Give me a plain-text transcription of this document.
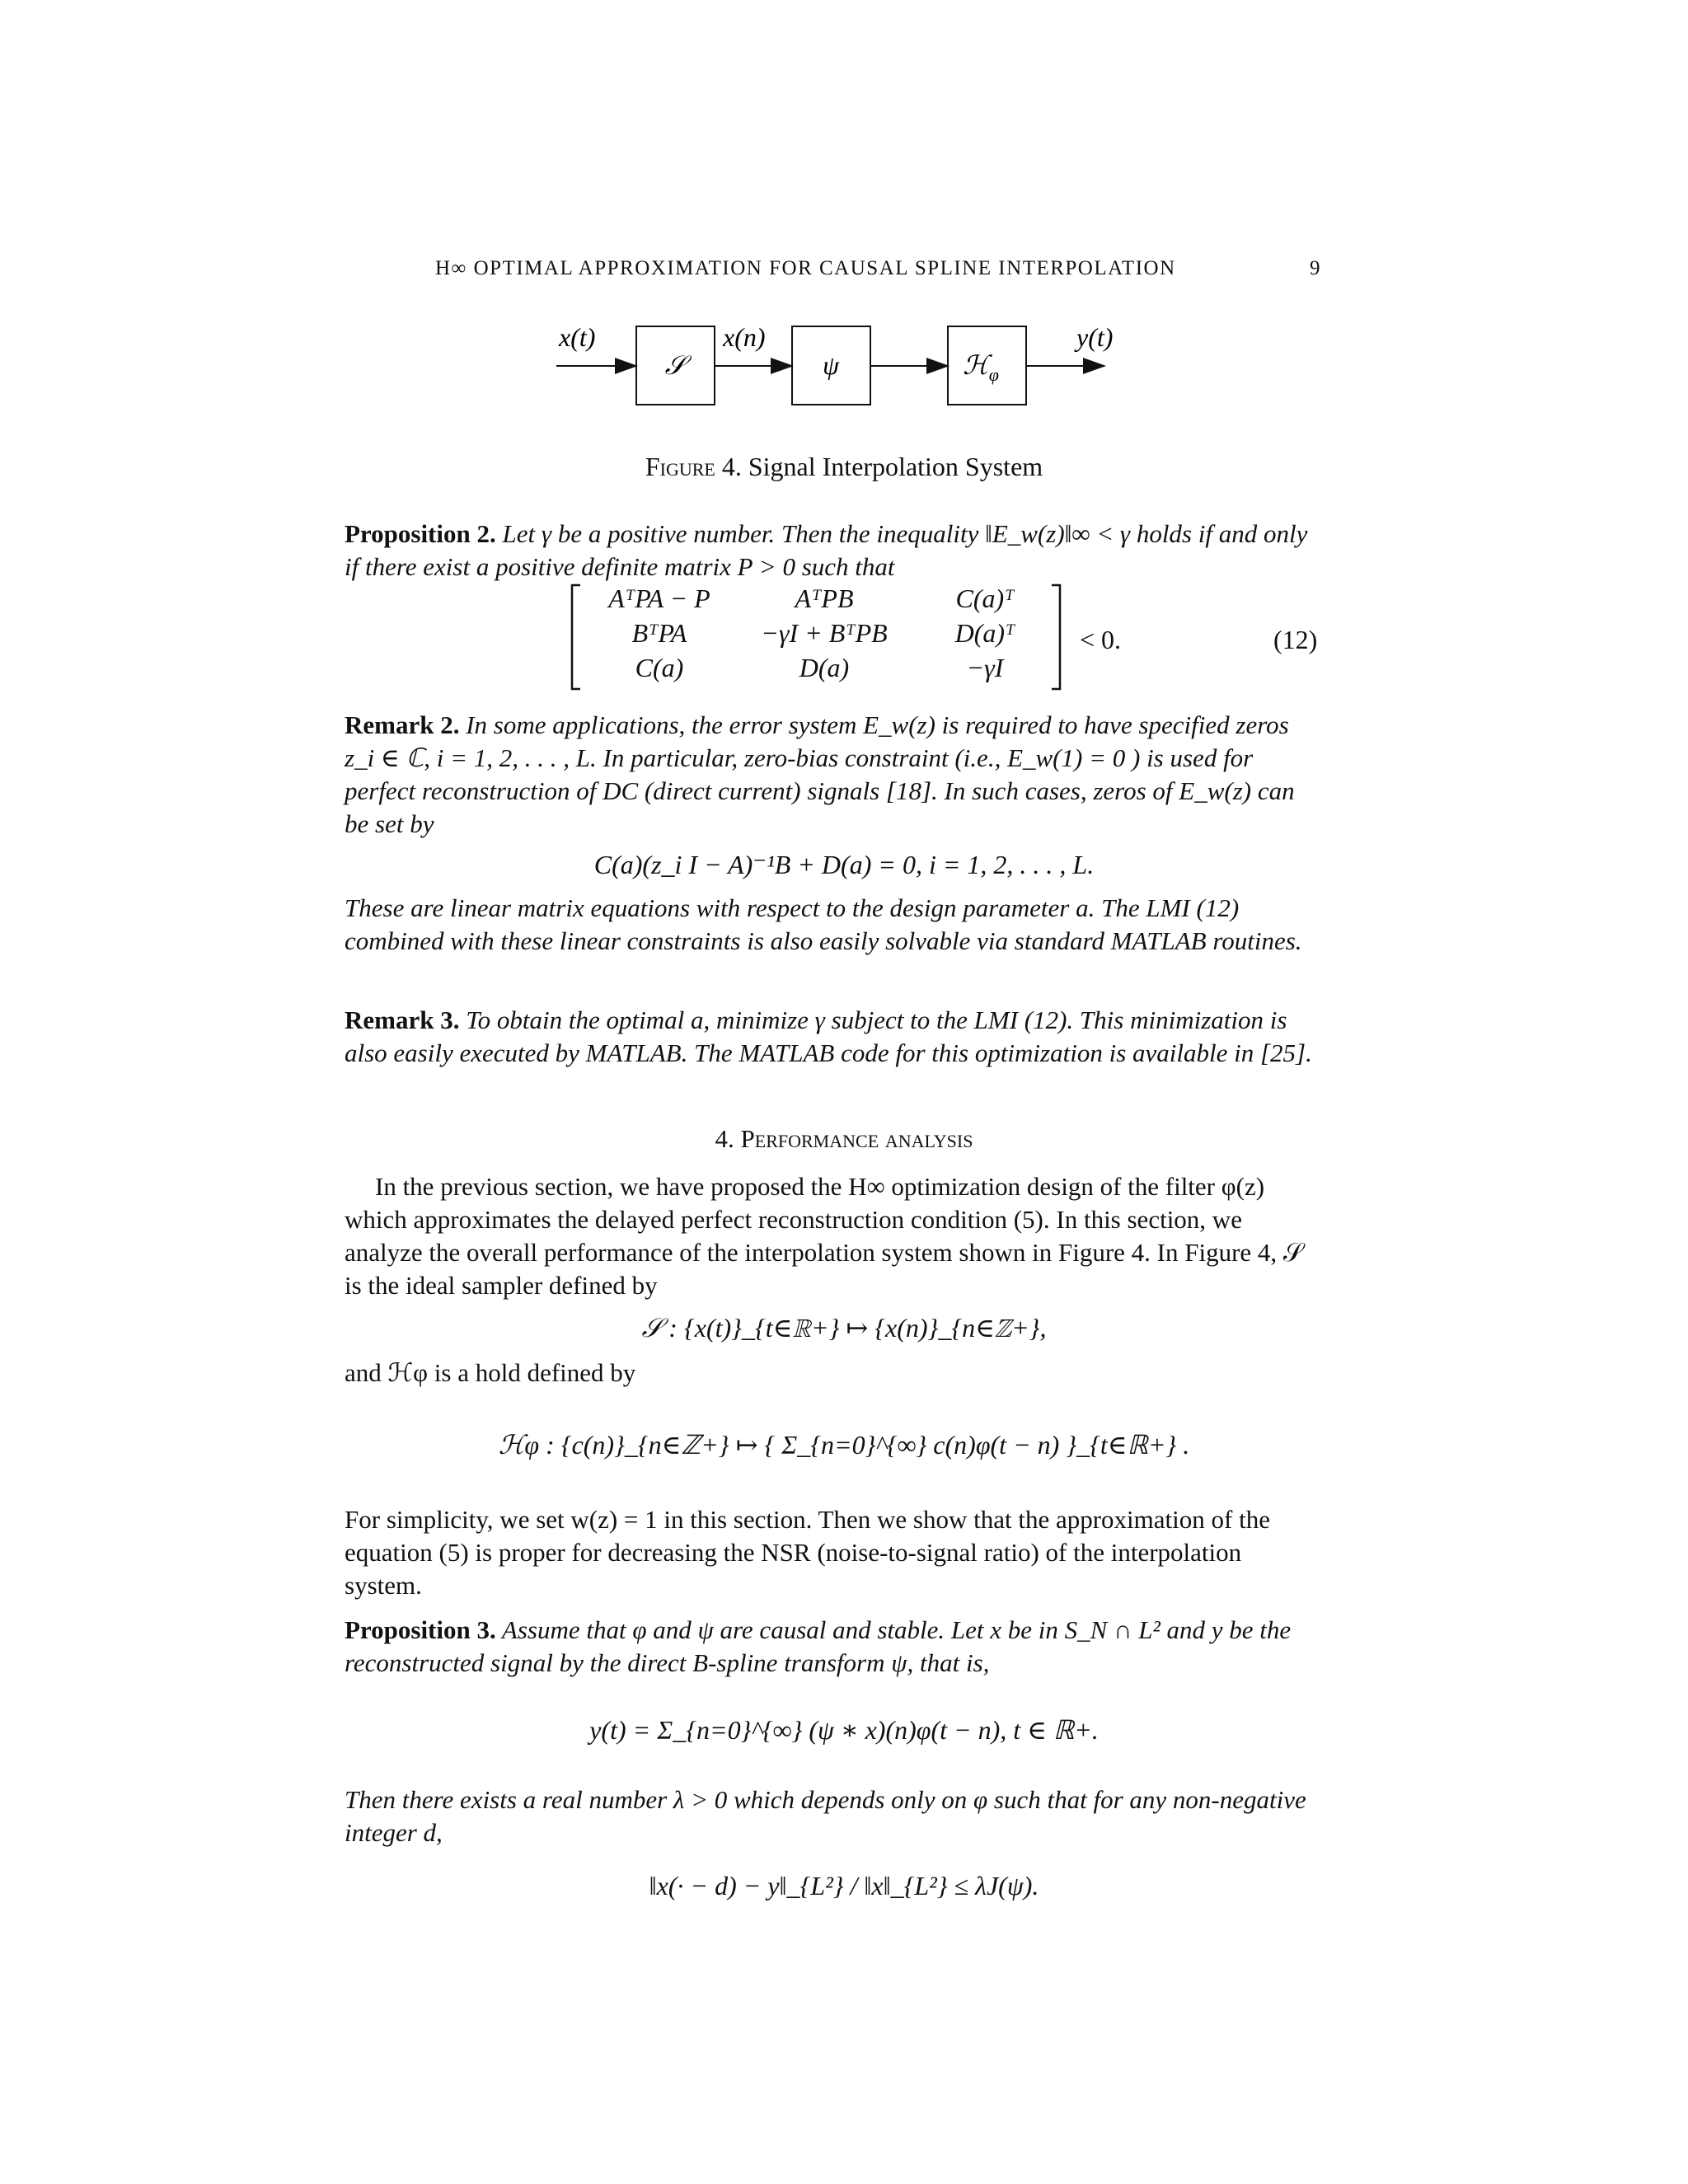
H∞ OPTIMAL APPROXIMATION FOR CAUSAL SPLINE INTERPOLATION	9
x(t)
𝒮
x(n)
ψ	ℋ$_\varphi$
y(t)
Figure 4. Signal Interpolation System
Proposition 2. Let γ be a positive number. Then the inequality ‖E_w(z)‖∞ < γ holds if and only if there exist a positive definite matrix P > 0 such that
AᵀPA − P	AᵀPB	C(a)ᵀ
BᵀPA	−γI + BᵀPB	D(a)ᵀ
C(a)	D(a)	−γI
< 0.	(12)
Remark 2. In some applications, the error system E_w(z) is required to have specified zeros z_i ∈ ℂ, i = 1, 2, . . . , L. In particular, zero-bias constraint (i.e., E_w(1) = 0 ) is used for perfect reconstruction of DC (direct current) signals [18]. In such cases, zeros of E_w(z) can be set by
C(a)(z_i I − A)⁻¹B + D(a) = 0, i = 1, 2, . . . , L.
These are linear matrix equations with respect to the design parameter a. The LMI (12) combined with these linear constraints is also easily solvable via standard MATLAB routines.
Remark 3. To obtain the optimal a, minimize γ subject to the LMI (12). This minimization is also easily executed by MATLAB. The MATLAB code for this optimization is available in [25].
4. Performance analysis
In the previous section, we have proposed the H∞ optimization design of the filter φ(z) which approximates the delayed perfect reconstruction condition (5). In this section, we analyze the overall performance of the interpolation system shown in Figure 4. In Figure 4, 𝒮 is the ideal sampler defined by
𝒮 : {x(t)}_{t∈ℝ+} ↦ {x(n)}_{n∈ℤ+},
and ℋφ is a hold defined by
ℋφ : {c(n)}_{n∈ℤ+} ↦ { Σ_{n=0}^{∞} c(n)φ(t − n) }_{t∈ℝ+} .
For simplicity, we set w(z) = 1 in this section. Then we show that the approximation of the equation (5) is proper for decreasing the NSR (noise-to-signal ratio) of the interpolation system.
Proposition 3. Assume that φ and ψ are causal and stable. Let x be in S_N ∩ L² and y be the reconstructed signal by the direct B-spline transform ψ, that is,
y(t) = Σ_{n=0}^{∞} (ψ ∗ x)(n)φ(t − n), t ∈ ℝ+.
Then there exists a real number λ > 0 which depends only on φ such that for any non-negative integer d,
‖x(· − d) − y‖_{L²} / ‖x‖_{L²} ≤ λJ(ψ).
